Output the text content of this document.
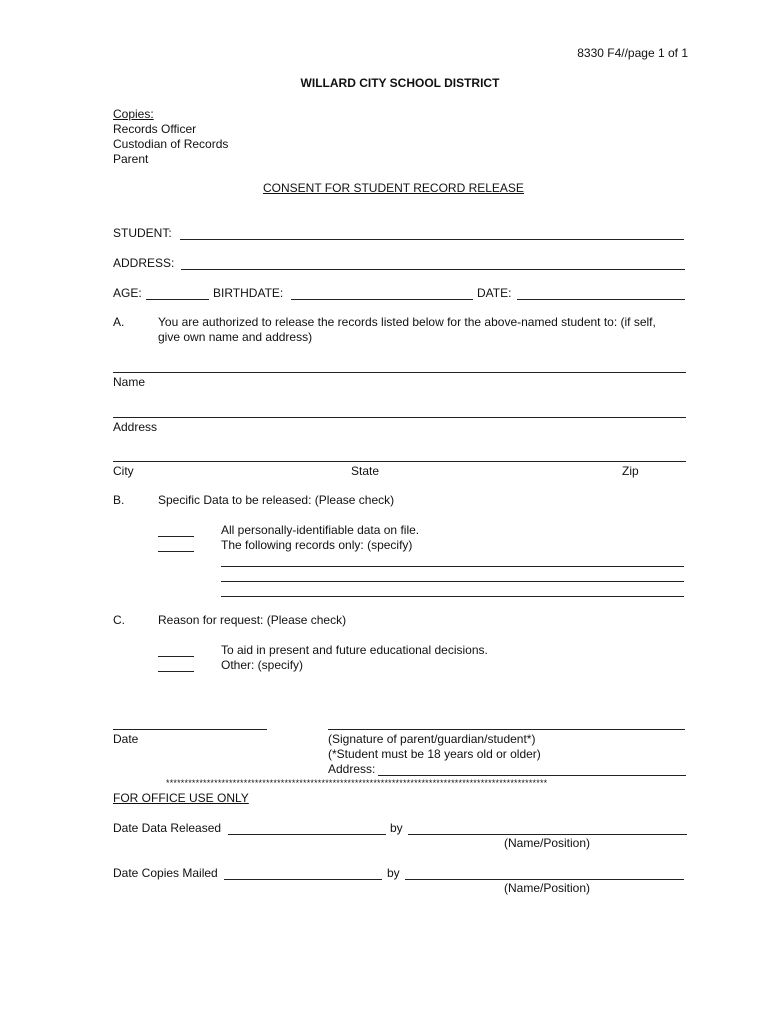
8330 F4//page 1 of 1
WILLARD CITY SCHOOL DISTRICT
Copies:
Records Officer
Custodian of Records
Parent
CONSENT FOR STUDENT RECORD RELEASE
STUDENT:
ADDRESS:
AGE:	BIRTHDATE:	DATE:
A.	You are authorized to release the records listed below for the above-named student to: (if self,
give own name and address)
Name
Address
City	State	Zip
B.	Specific Data to be released: (Please check)
All personally-identifiable data on file.
The following records only: (specify)
C.	Reason for request: (Please check)
To aid in present and future educational decisions.
Other: (specify)
Date	(Signature of parent/guardian/student*)
(*Student must be 18 years old or older)
Address:
*******************************************************************************************************
FOR OFFICE USE ONLY
Date Data Released	by
(Name/Position)
Date Copies Mailed	by
(Name/Position)
